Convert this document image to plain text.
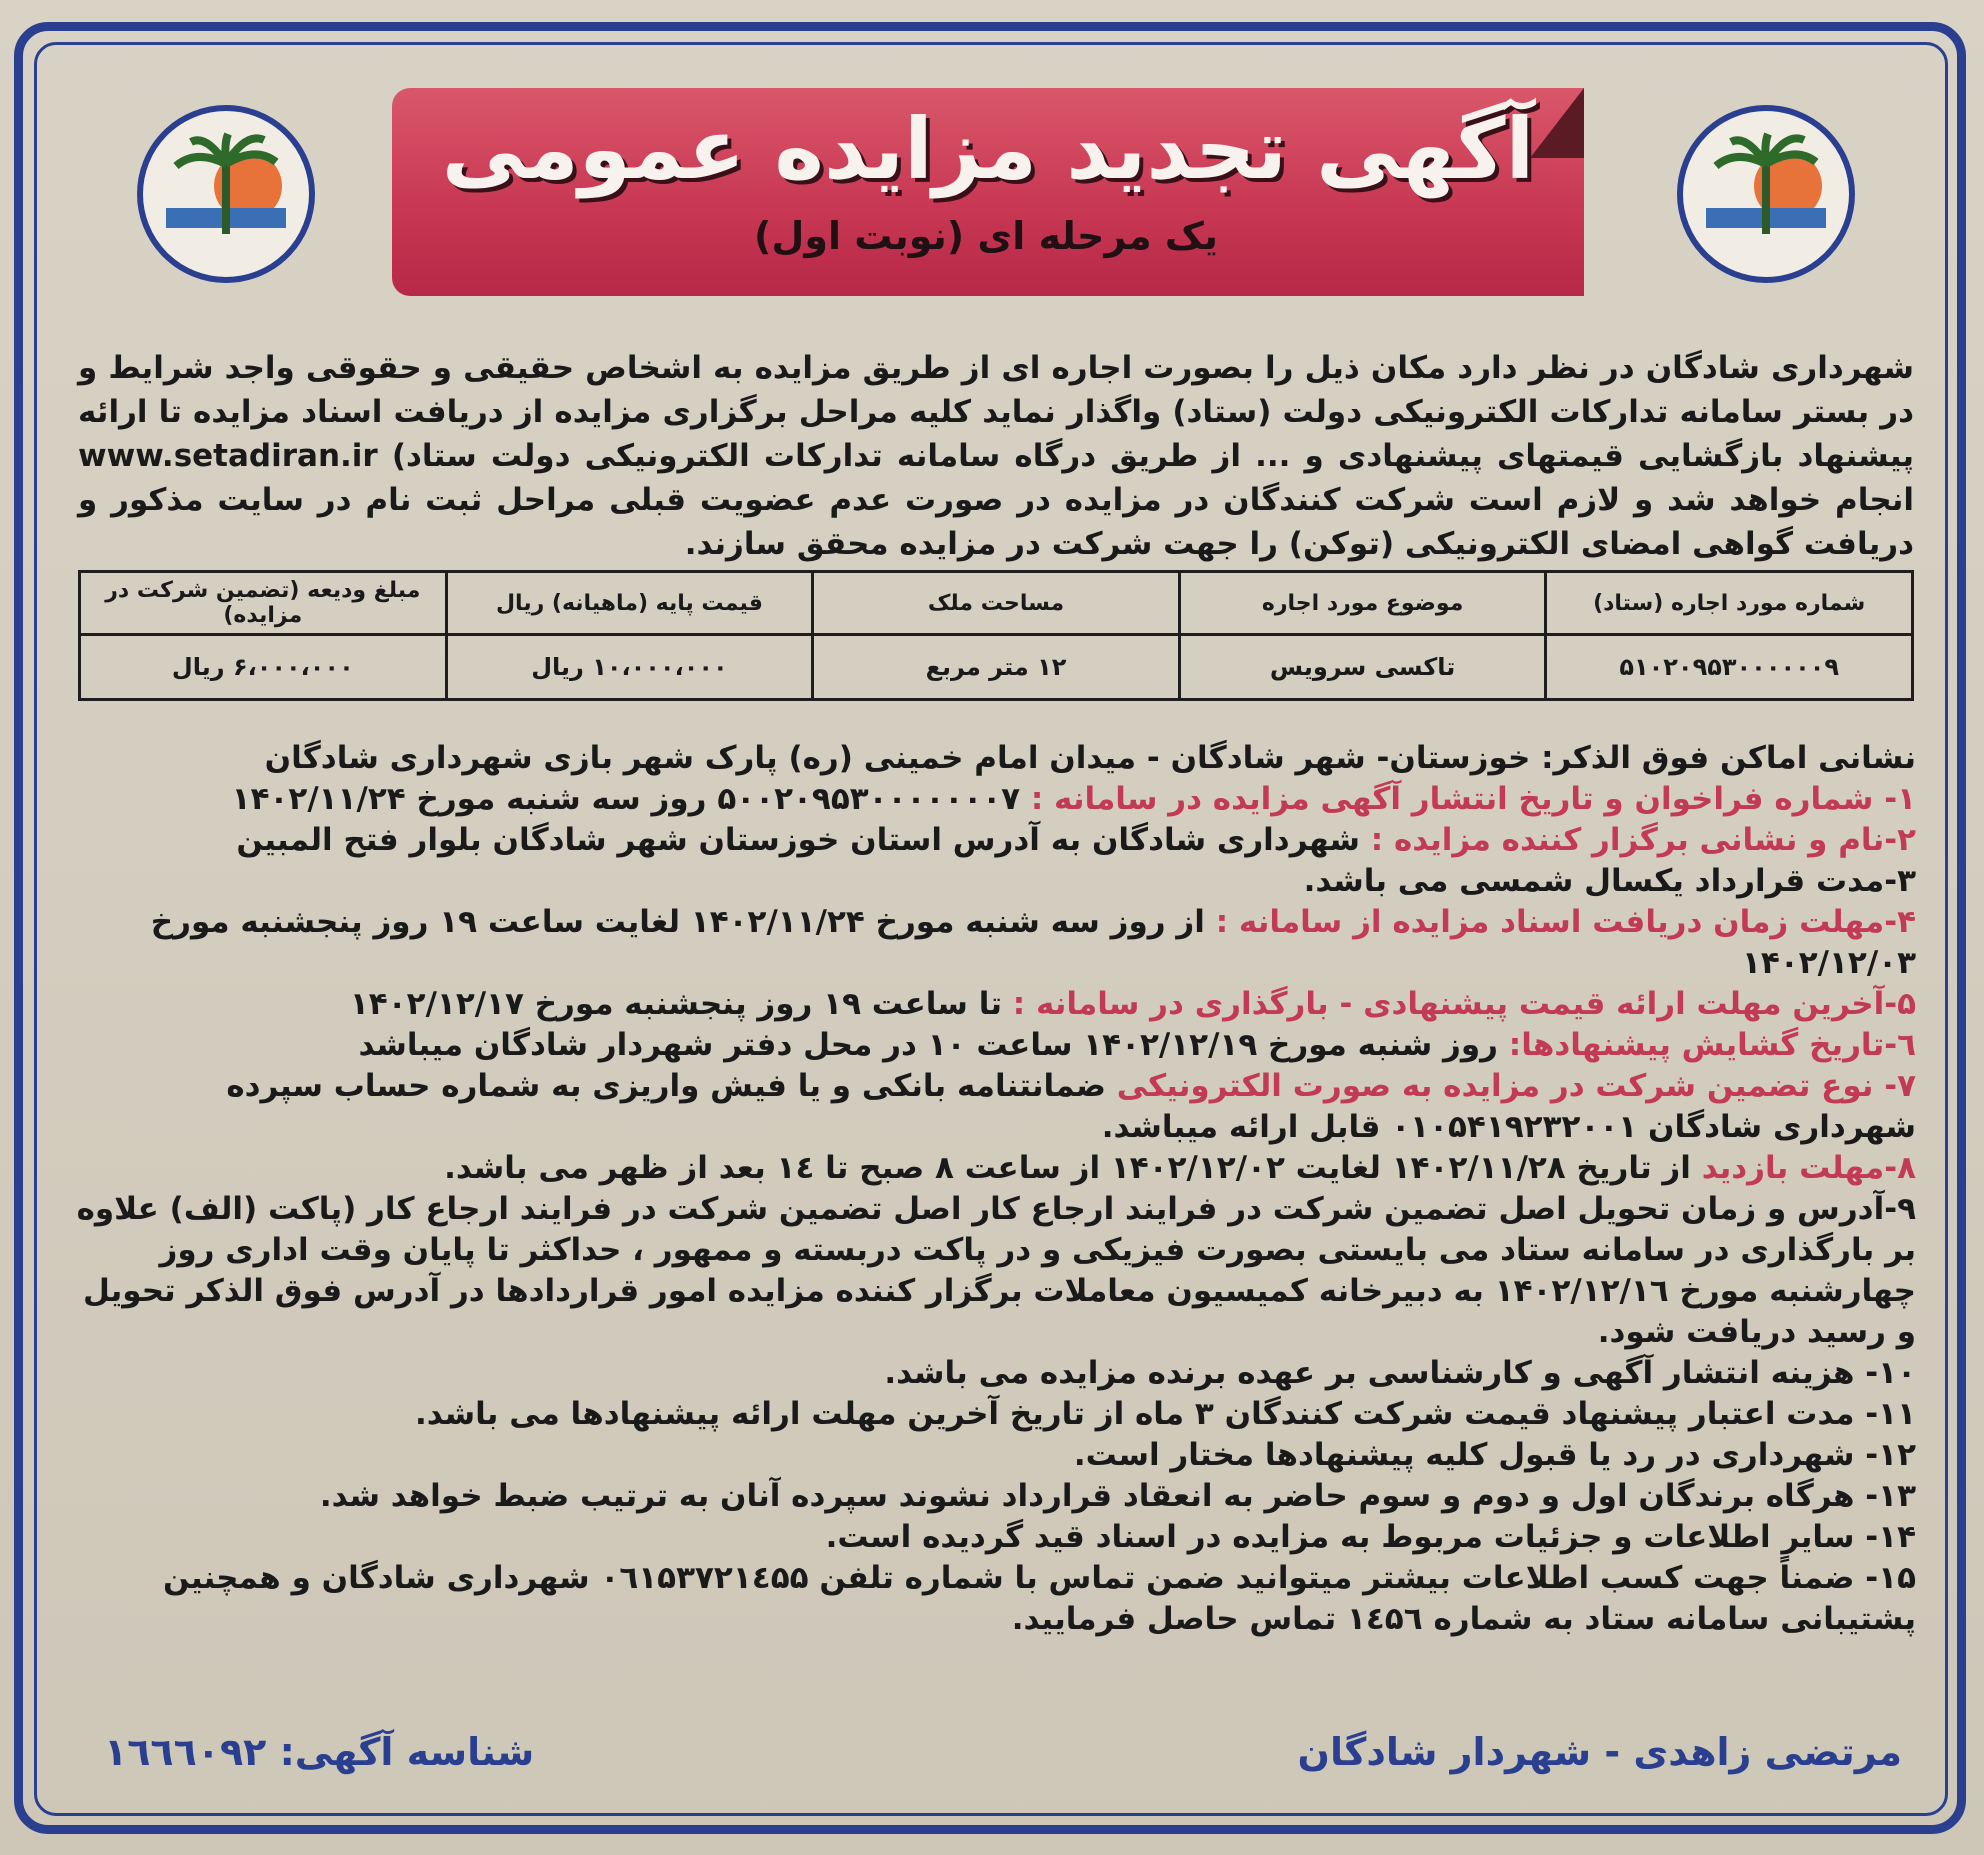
آگهی تجدید مزایده عمومی
یک مرحله ای (نوبت اول)
شهرداری شادگان در نظر دارد مکان ذیل را بصورت اجاره ای از طریق مزایده به اشخاص حقیقی و حقوقی واجد شرایط و در بستر سامانه تدارکات الکترونیکی دولت (ستاد) واگذار نماید کلیه مراحل برگزاری مزایده از دریافت اسناد مزایده تا ارائه پیشنهاد بازگشایی قیمتهای پیشنهادی و ... از طریق درگاه سامانه تدارکات الکترونیکی دولت ستاد) www.setadiran.ir انجام خواهد شد و لازم است شرکت کنندگان در مزایده در صورت عدم عضویت قبلی مراحل ثبت نام در سایت مذکور و دریافت گواهی امضای الکترونیکی (توکن) را جهت شرکت در مزایده محقق سازند.
شماره مورد اجاره (ستاد)	موضوع مورد اجاره	مساحت ملک	قیمت پایه (ماهیانه) ریال	مبلغ ودیعه (تضمین شرکت در مزایده)
۵۱۰۲۰۹۵۳۰۰۰۰۰۰۹	تاکسی سرویس	۱۲ متر مربع	۱۰،۰۰۰،۰۰۰ ریال	۶،۰۰۰،۰۰۰ ریال

نشانی اماکن فوق الذکر: خوزستان- شهر شادگان - میدان امام خمینی (ره) پارک شهر بازی شهرداری شادگان

۱- شماره فراخوان و تاریخ انتشار آگهی مزایده در سامانه : ۵۰۰۲۰۹۵۳۰۰۰۰۰۰۰۷ روز سه شنبه مورخ ۱۴۰۲/۱۱/۲۴

۲-نام و نشانی برگزار کننده مزایده : شهرداری شادگان به آدرس استان خوزستان شهر شادگان بلوار فتح المبین

۳-مدت قرارداد یکسال شمسی می باشد.

۴-مهلت زمان دریافت اسناد مزایده از سامانه : از روز سه شنبه مورخ ۱۴۰۲/۱۱/۲۴ لغایت ساعت ۱۹ روز پنجشنبه مورخ ۱۴۰۲/۱۲/۰۳

۵-آخرین مهلت ارائه قیمت پیشنهادی - بارگذاری در سامانه : تا ساعت ۱۹ روز پنجشنبه مورخ ۱۴۰۲/۱۲/۱۷

٦-تاریخ گشایش پیشنهادها: روز شنبه مورخ ۱۴۰۲/۱۲/۱۹ ساعت ۱۰ در محل دفتر شهردار شادگان میباشد

۷- نوع تضمین شرکت در مزایده به صورت الکترونیکی ضمانتنامه بانکی و یا فیش واریزی به شماره حساب سپرده شهرداری شادگان ۰۱۰۵۴۱۹۲۳۲۰۰۱ قابل ارائه میباشد.

۸-مهلت بازدید از تاریخ ۱۴۰۲/۱۱/۲۸ لغایت ۱۴۰۲/۱۲/۰۲ از ساعت ۸ صبح تا ١٤ بعد از ظهر می باشد.

۹-آدرس و زمان تحویل اصل تضمین شرکت در فرایند ارجاع کار اصل تضمین شرکت در فرایند ارجاع کار (پاکت (الف) علاوه بر بارگذاری در سامانه ستاد می بایستی بصورت فیزیکی و در پاکت دربسته و ممهور ، حداکثر تا پایان وقت اداری روز چهارشنبه مورخ ۱۴۰۲/۱۲/۱٦ به دبیرخانه کمیسیون معاملات برگزار کننده مزایده امور قراردادها در آدرس فوق الذکر تحویل و رسید دریافت شود.

۱۰- هزینه انتشار آگهی و کارشناسی بر عهده برنده مزایده می باشد.

۱۱- مدت اعتبار پیشنهاد قیمت شرکت کنندگان ۳ ماه از تاریخ آخرین مهلت ارائه پیشنهادها می باشد.

۱۲- شهرداری در رد یا قبول کلیه پیشنهادها مختار است.

۱۳- هرگاه برندگان اول و دوم و سوم حاضر به انعقاد قرارداد نشوند سپرده آنان به ترتیب ضبط خواهد شد.

۱۴- سایر اطلاعات و جزئیات مربوط به مزایده در اسناد قید گردیده است.

۱۵- ضمناً جهت کسب اطلاعات بیشتر میتوانید ضمن تماس با شماره تلفن ۰٦۱۵۳۷۲۱٤۵۵ شهرداری شادگان و همچنین پشتیبانی سامانه ستاد به شماره ١٤۵٦ تماس حاصل فرمایید.

مرتضی زاهدی - شهردار شادگان
شناسه آگهی: ۱٦٦٦۰۹۲
